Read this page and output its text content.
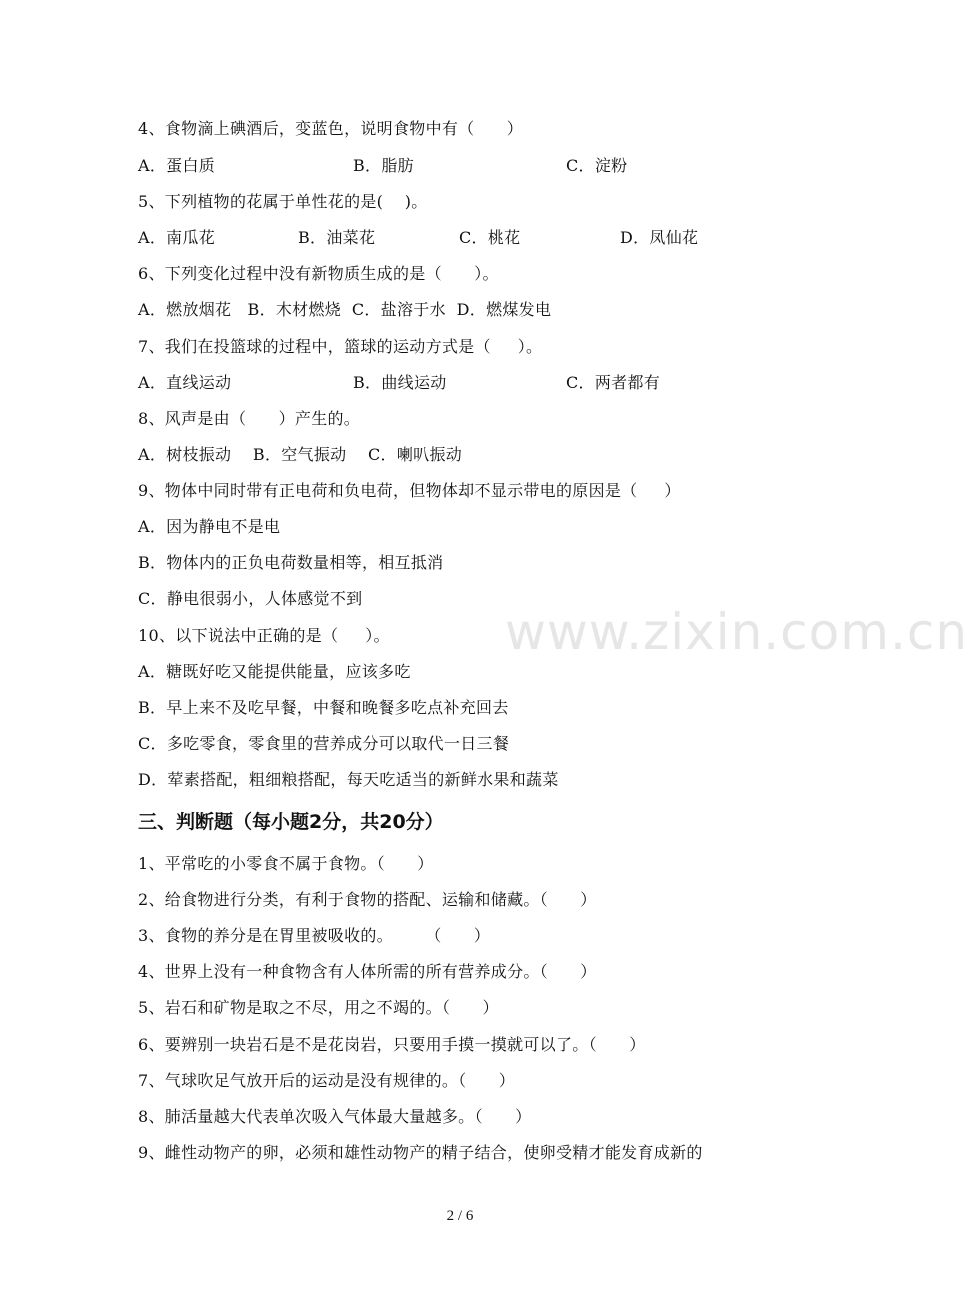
www.zixin.com.cn
4、食物滴上碘酒后，变蓝色，说明食物中有（      ）
A．蛋白质	B．脂肪	C．淀粉
5、下列植物的花属于单性花的是(    )。
A．南瓜花	B．油菜花	C．桃花	D．凤仙花
6、下列变化过程中没有新物质生成的是（      ）。
A．燃放烟花   B．木材燃烧  C．盐溶于水  D．燃煤发电
7、我们在投篮球的过程中，篮球的运动方式是（     ）。
A．直线运动	B．曲线运动	C．两者都有
8、风声是由（      ）产生的。
A．树枝振动    B．空气振动    C．喇叭振动
9、物体中同时带有正电荷和负电荷，但物体却不显示带电的原因是（     ）
A．因为静电不是电
B．物体内的正负电荷数量相等，相互抵消
C．静电很弱小，人体感觉不到
10、以下说法中正确的是（     ）。
A．糖既好吃又能提供能量，应该多吃
B．早上来不及吃早餐，中餐和晚餐多吃点补充回去
C．多吃零食，零食里的营养成分可以取代一日三餐
D．荤素搭配，粗细粮搭配，每天吃适当的新鲜水果和蔬菜
三、判断题（每小题2分，共20分）
1、平常吃的小零食不属于食物。（      ）
2、给食物进行分类，有利于食物的搭配、运输和储藏。（      ）
3、食物的养分是在胃里被吸收的。      （      ）
4、世界上没有一种食物含有人体所需的所有营养成分。（      ）
5、岩石和矿物是取之不尽，用之不竭的。（      ）
6、要辨别一块岩石是不是花岗岩，只要用手摸一摸就可以了。（      ）
7、气球吹足气放开后的运动是没有规律的。（      ）
8、肺活量越大代表单次吸入气体最大量越多。（      ）
9、雌性动物产的卵，必须和雄性动物产的精子结合，使卵受精才能发育成新的
2 / 6
